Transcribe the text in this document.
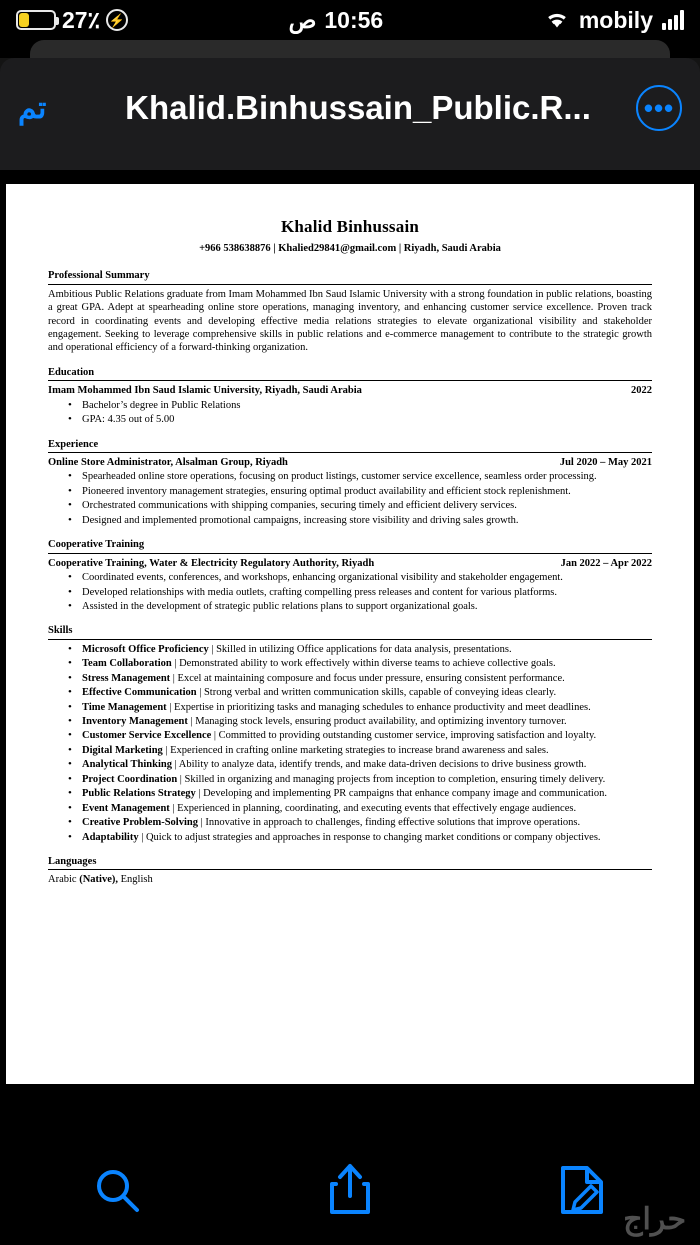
27٪ ⚡	ص 10:56	mobily
تم	Khalid.Binhussain_Public.R...	•••
Khalid Binhussain
+966 538638876 | Khalied29841@gmail.com | Riyadh, Saudi Arabia
Professional Summary

Ambitious Public Relations graduate from Imam Mohammed Ibn Saud Islamic University with a strong foundation in public relations, boasting a great GPA. Adept at spearheading online store operations, managing inventory, and enhancing customer service excellence. Proven track record in coordinating events and developing effective media relations strategies to elevate organizational visibility and stakeholder engagement. Seeking to leverage comprehensive skills in public relations and e-commerce management to contribute to the strategic growth and operational efficiency of a forward-thinking organization.

Education
Imam Mohammed Ibn Saud Islamic University, Riyadh, Saudi Arabia	2022
• Bachelor’s degree in Public Relations
• GPA: 4.35 out of 5.00
Experience
Online Store Administrator, Alsalman Group, Riyadh	Jul 2020 – May 2021
• Spearheaded online store operations, focusing on product listings, customer service excellence, seamless order processing.
• Pioneered inventory management strategies, ensuring optimal product availability and efficient stock replenishment.
• Orchestrated communications with shipping companies, securing timely and efficient delivery services.
• Designed and implemented promotional campaigns, increasing store visibility and driving sales growth.
Cooperative Training
Cooperative Training, Water & Electricity Regulatory Authority, Riyadh	Jan 2022 – Apr 2022
• Coordinated events, conferences, and workshops, enhancing organizational visibility and stakeholder engagement.
• Developed relationships with media outlets, crafting compelling press releases and content for various platforms.
• Assisted in the development of strategic public relations plans to support organizational goals.
Skills
• Microsoft Office Proficiency | Skilled in utilizing Office applications for data analysis, presentations.
• Team Collaboration | Demonstrated ability to work effectively within diverse teams to achieve collective goals.
• Stress Management | Excel at maintaining composure and focus under pressure, ensuring consistent performance.
• Effective Communication | Strong verbal and written communication skills, capable of conveying ideas clearly.
• Time Management | Expertise in prioritizing tasks and managing schedules to enhance productivity and meet deadlines.
• Inventory Management | Managing stock levels, ensuring product availability, and optimizing inventory turnover.
• Customer Service Excellence | Committed to providing outstanding customer service, improving satisfaction and loyalty.
• Digital Marketing | Experienced in crafting online marketing strategies to increase brand awareness and sales.
• Analytical Thinking | Ability to analyze data, identify trends, and make data-driven decisions to drive business growth.
• Project Coordination | Skilled in organizing and managing projects from inception to completion, ensuring timely delivery.
• Public Relations Strategy | Developing and implementing PR campaigns that enhance company image and communication.
• Event Management | Experienced in planning, coordinating, and executing events that effectively engage audiences.
• Creative Problem-Solving | Innovative in approach to challenges, finding effective solutions that improve operations.
• Adaptability | Quick to adjust strategies and approaches in response to changing market conditions or company objectives.
Languages
Arabic (Native), English
حراج
